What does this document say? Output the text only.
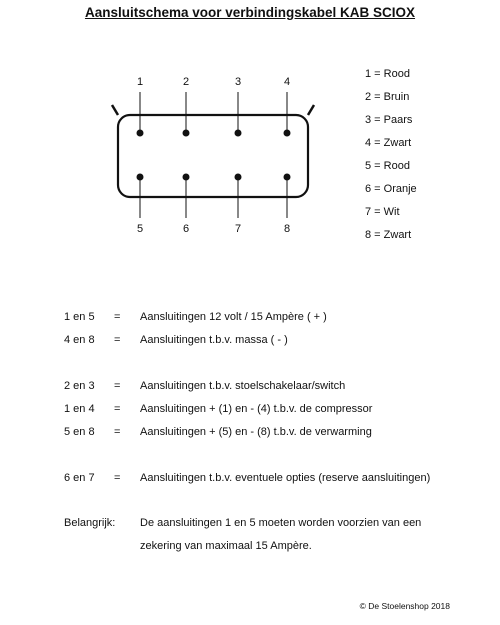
Aansluitschema voor verbindingskabel KAB SCIOX
1	2	3	4
5	6	7	8
1 = Rood
2 = Bruin
3 = Paars
4 = Zwart
5 = Rood
6 = Oranje
7 = Wit
8 = Zwart
1 en 5 = Aansluitingen 12 volt / 15 Ampère ( + )
4 en 8 = Aansluitingen t.b.v. massa ( - )
2 en 3 = Aansluitingen t.b.v. stoelschakelaar/switch
1 en 4 = Aansluitingen + (1) en - (4) t.b.v. de compressor
5 en 8 = Aansluitingen + (5) en - (8) t.b.v. de verwarming
6 en 7 = Aansluitingen t.b.v. eventuele opties (reserve aansluitingen)
Belangrijk: De aansluitingen 1 en 5 moeten worden voorzien van een zekering van maximaal 15 Ampère.
© De Stoelenshop 2018
